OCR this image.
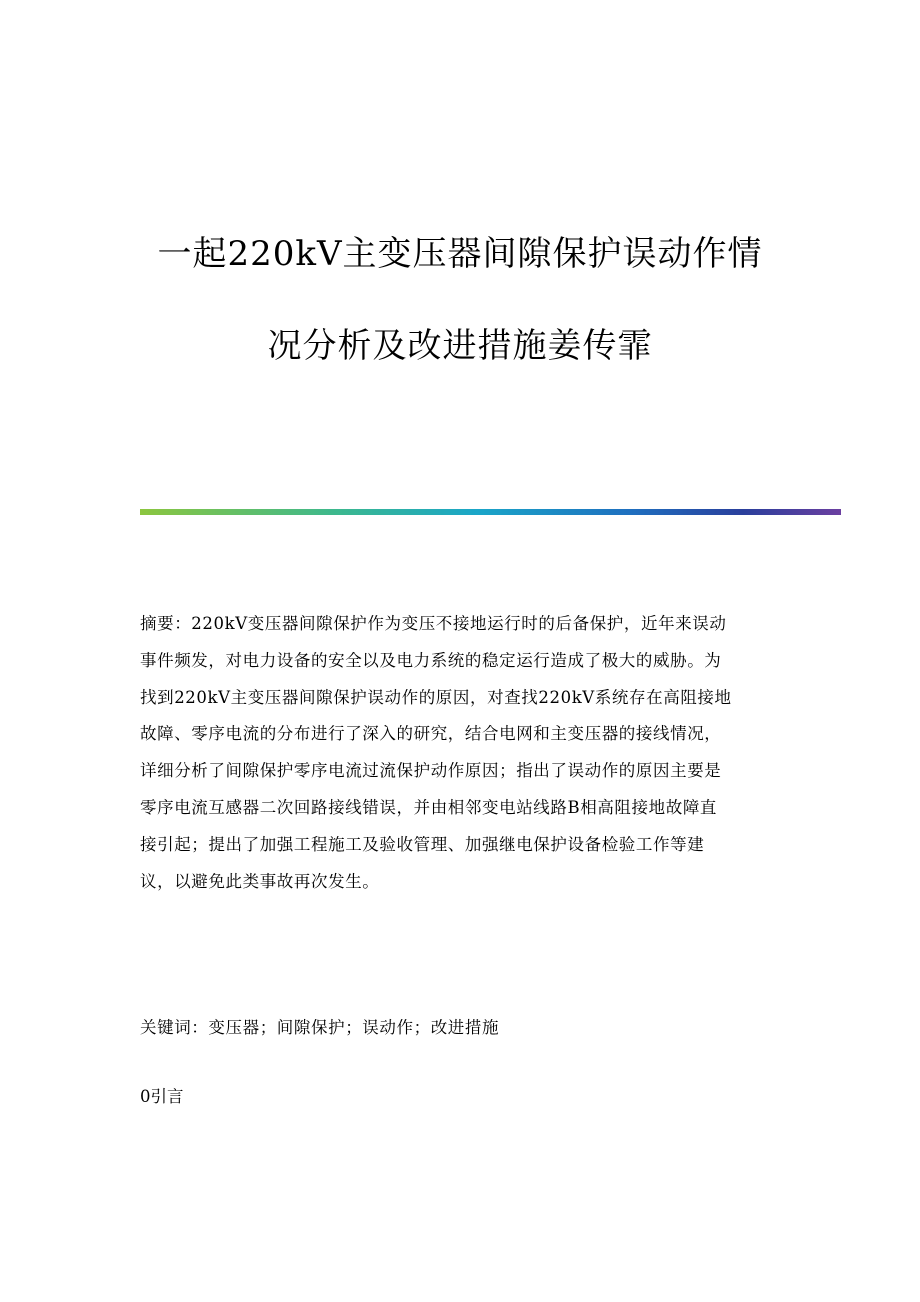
一起220kV主变压器间隙保护误动作情
况分析及改进措施姜传霏
摘要：220kV变压器间隙保护作为变压不接地运行时的后备保护，近年来误动
事件频发，对电力设备的安全以及电力系统的稳定运行造成了极大的威胁。为
找到220kV主变压器间隙保护误动作的原因，对查找220kV系统存在高阻接地
故障、零序电流的分布进行了深入的研究，结合电网和主变压器的接线情况，
详细分析了间隙保护零序电流过流保护动作原因；指出了误动作的原因主要是
零序电流互感器二次回路接线错误，并由相邻变电站线路B相高阻接地故障直
接引起；提出了加强工程施工及验收管理、加强继电保护设备检验工作等建
议，以避免此类事故再次发生。
关键词：变压器；间隙保护；误动作；改进措施
0引言
